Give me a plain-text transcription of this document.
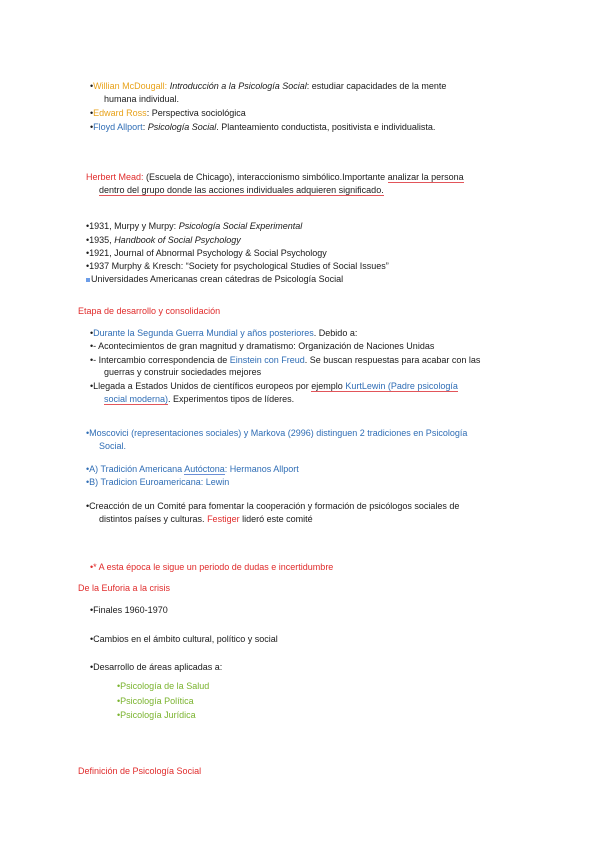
•Willian McDougall: Introducción a la Psicología Social: estudiar capacidades de la mente
humana individual.
•Edward Ross: Perspectiva sociológica
•Floyd Allport: Psicología Social. Planteamiento conductista, positivista e individualista.
Herbert Mead: (Escuela de Chicago), interaccionismo simbólico.Importante analizar la persona
dentro del grupo donde las acciones individuales adquieren significado.
•1931, Murpy y Murpy: Psicología Social Experimental
•1935, Handbook of Social Psychology
•1921, Journal of Abnormal Psychology & Social Psychology
•1937 Murphy & Kresch: “Society for psychological Studies of Social Issues”
Universidades Americanas crean cátedras de Psicología Social
Etapa de desarrollo y consolidación
•Durante la Segunda Guerra Mundial y años posteriores. Debido a:
•- Acontecimientos de gran magnitud y dramatismo: Organización de Naciones Unidas
•- Intercambio correspondencia de Einstein con Freud. Se buscan respuestas para acabar con las
guerras y construir sociedades mejores
•Llegada a Estados Unidos de científicos europeos por ejemplo KurtLewin (Padre psicología
social moderna). Experimentos tipos de líderes.
•Moscovici (representaciones sociales) y Markova (2996) distinguen 2 tradiciones en Psicología
Social.
•A) Tradición Americana Autóctona: Hermanos Allport
•B) Tradicion Euroamericana: Lewin
•Creacción de un Comité para fomentar la cooperación y formación de psicólogos sociales de
distintos países y culturas. Festiger lideró este comité
•* A esta época le sigue un periodo de dudas e incertidumbre
De la Euforia a la crisis
•Finales 1960-1970
•Cambios en el ámbito cultural, político y social
•Desarrollo de áreas aplicadas a:
•Psicología de la Salud
•Psicología Política
•Psicología Jurídica
Definición de Psicología Social
